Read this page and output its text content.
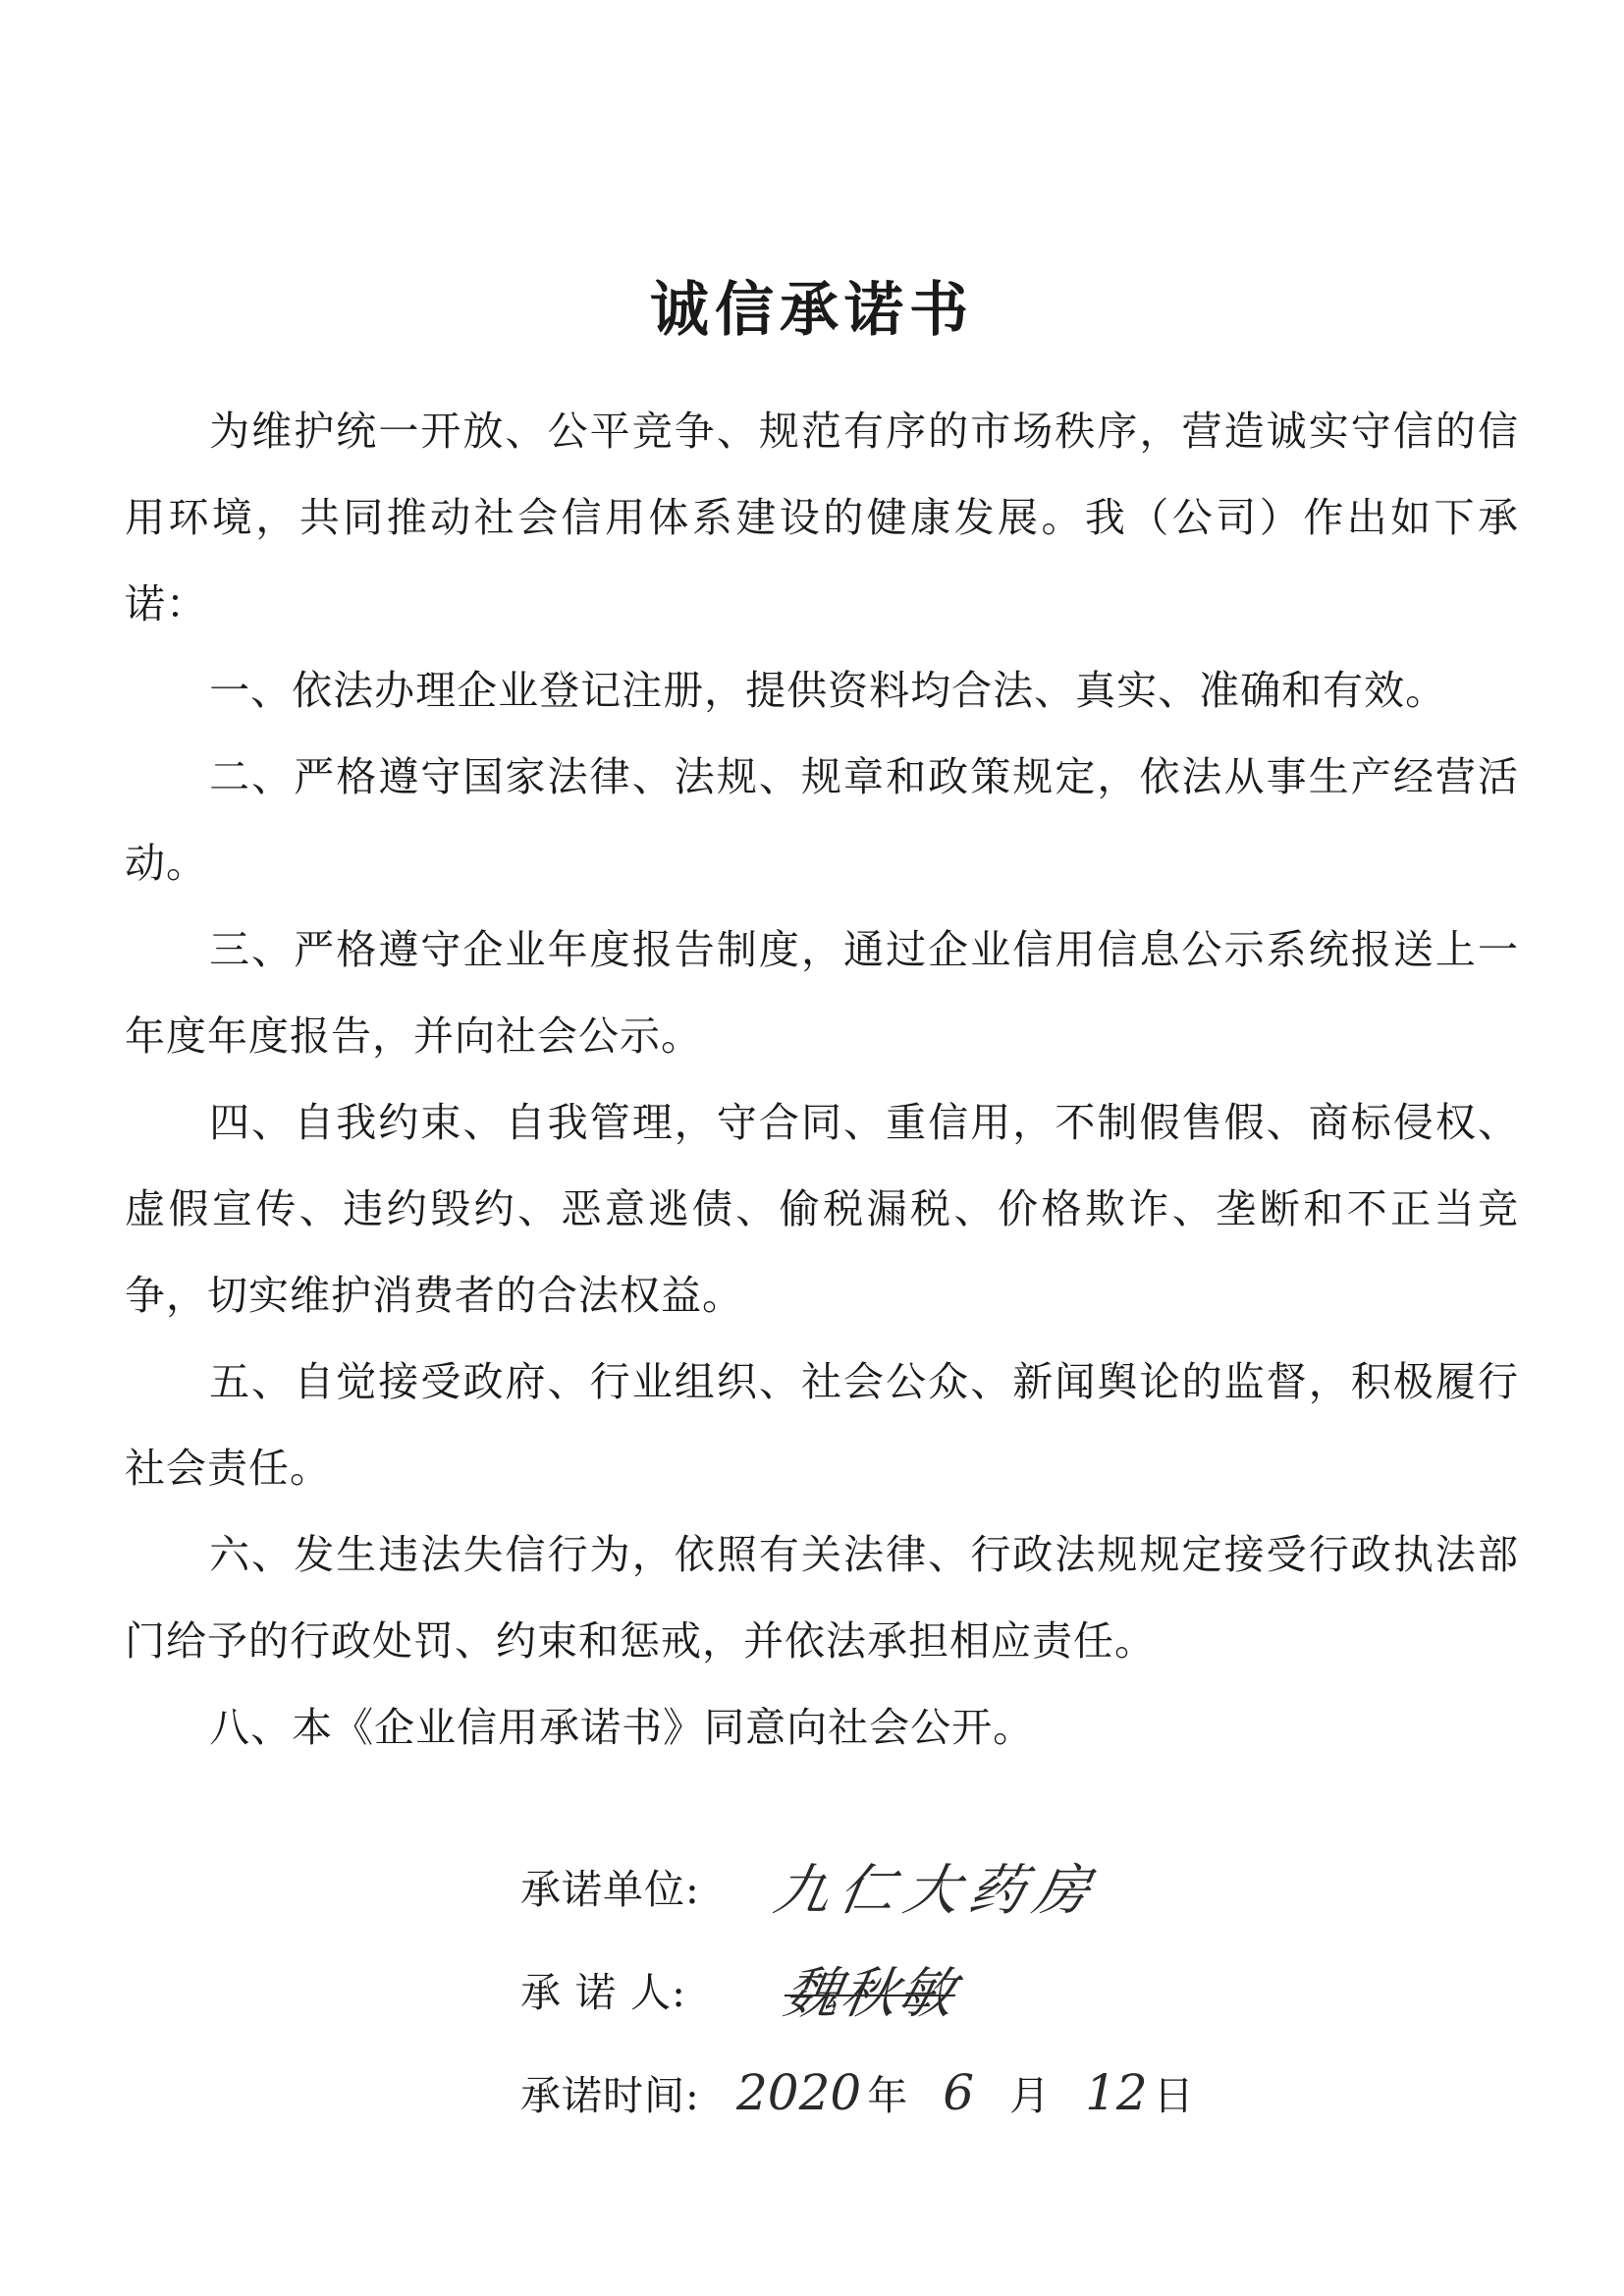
诚信承诺书

为维护统一开放、公平竞争、规范有序的市场秩序，营造诚实守信的信用环境，共同推动社会信用体系建设的健康发展。我（公司）作出如下承诺：

一、依法办理企业登记注册，提供资料均合法、真实、准确和有效。

二、严格遵守国家法律、法规、规章和政策规定，依法从事生产经营活动。

三、严格遵守企业年度报告制度，通过企业信用信息公示系统报送上一年度年度报告，并向社会公示。

四、自我约束、自我管理，守合同、重信用，不制假售假、商标侵权、虚假宣传、违约毁约、恶意逃债、偷税漏税、价格欺诈、垄断和不正当竞争，切实维护消费者的合法权益。

五、自觉接受政府、行业组织、社会公众、新闻舆论的监督，积极履行社会责任。

六、发生违法失信行为，依照有关法律、行政法规规定接受行政执法部门给予的行政处罚、约束和惩戒，并依法承担相应责任。

八、本《企业信用承诺书》同意向社会公开。

承诺单位:	九仁大药房
承 诺 人:	魏秋敏
承诺时间: 2020 年 6 月 12 日
